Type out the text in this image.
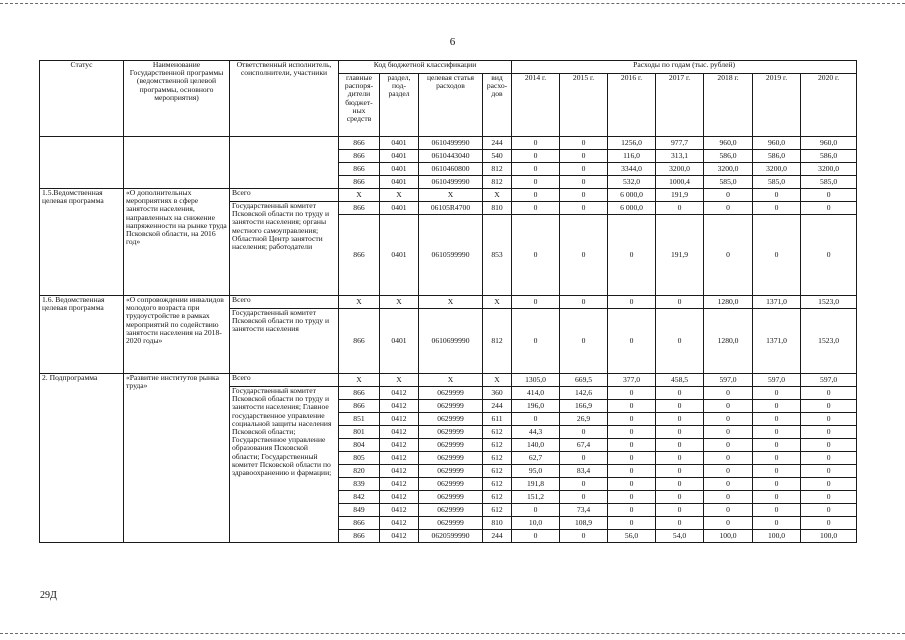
6
Статус	Наименование Государственной программы (ведомственной целевой программы, основного мероприятия)	Ответственный исполнитель, соисполнители, участники	Код бюджетной классификации				Расходы по годам (тыс. рублей)						
			главные распоря-дители бюджет-ных средств	раздел, под-раздел	целевая статья расходов	вид расхо-дов	2014 г.	2015 г.	2016 г.	2017 г.	2018 г.	2019 г.	2020 г.
			866	0401	0610499990	244	0	0	1256,0	977,7	960,0	960,0	960,0
			866	0401	0610443040	540	0	0	116,0	313,1	586,0	586,0	586,0
			866	0401	0610460800	812	0	0	3344,0	3200,0	3200,0	3200,0	3200,0
			866	0401	0610499990	812	0	0	532,0	1000,4	585,0	585,0	585,0
1.5.Ведомственная целевая программа	«О дополнительных мероприятиях в сфере занятости населения, направленных на снижение напряженности на рынке труда Псковской области, на 2016 год»	Всего	X	X	X	X	0	0	6 000,0	191,9	0	0	0
		Государственный комитет Псковской области по труду и занятости населения; органы местного самоуправления; Областной Центр занятости населения; работодатели	866	0401	06105R4700	810	0	0	6 000,0	0	0	0	0
			866	0401	0610599990	853	0	0	0	191,9	0	0	0
1.6. Ведомственная целевая программа	«О сопровождении инвалидов молодого возраста при трудоустройстве в рамках мероприятий по содействию занятости населения на 2018-2020 годы»	Всего	X	X	X	X	0	0	0	0	1280,0	1371,0	1523,0
		Государственный комитет Псковской области по труду и занятости населения	866	0401	0610699990	812	0	0	0	0	1280,0	1371,0	1523,0
2. Подпрограмма	«Развитие институтов рынка труда»	Всего	X	X	X	X	1305,0	669,5	377,0	458,5	597,0	597,0	597,0
		Государственный комитет Псковской области по труду и занятости населения; Главное государственное управление социальной защиты населения Псковской области; Государственное управление образования Псковской области; Государственный комитет Псковской области по здравоохранению и фармации;	866	0412	0629999	360	414,0	142,6	0	0	0	0	0
			866	0412	0629999	244	196,0	166,9	0	0	0	0	0
			851	0412	0629999	611	0	26,9	0	0	0	0	0
			801	0412	0629999	612	44,3	0	0	0	0	0	0
			804	0412	0629999	612	140,0	67,4	0	0	0	0	0
			805	0412	0629999	612	62,7	0	0	0	0	0	0
			820	0412	0629999	612	95,0	83,4	0	0	0	0	0
			839	0412	0629999	612	191,8	0	0	0	0	0	0
			842	0412	0629999	612	151,2	0	0	0	0	0	0
			849	0412	0629999	612	0	73,4	0	0	0	0	0
			866	0412	0629999	810	10,0	108,9	0	0	0	0	0
			866	0412	0620599990	244	0	0	56,0	54,0	100,0	100,0	100,0
29Д
